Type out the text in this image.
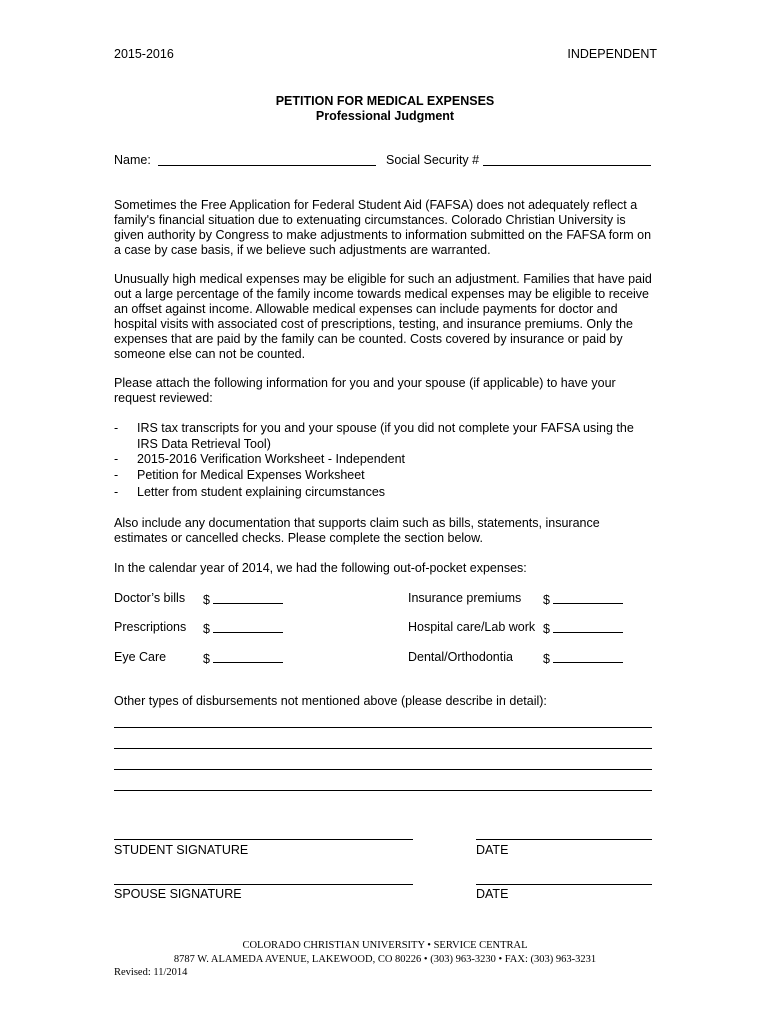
2015-2016	INDEPENDENT
PETITION FOR MEDICAL EXPENSES
Professional Judgment
Name:	Social Security #
Sometimes the Free Application for Federal Student Aid (FAFSA) does not adequately reflect a
family's financial situation due to extenuating circumstances. Colorado Christian University is
given authority by Congress to make adjustments to information submitted on the FAFSA form on
a case by case basis, if we believe such adjustments are warranted.
Unusually high medical expenses may be eligible for such an adjustment. Families that have paid
out a large percentage of the family income towards medical expenses may be eligible to receive
an offset against income. Allowable medical expenses can include payments for doctor and
hospital visits with associated cost of prescriptions, testing, and insurance premiums. Only the
expenses that are paid by the family can be counted. Costs covered by insurance or paid by
someone else can not be counted.
Please attach the following information for you and your spouse (if applicable) to have your
request reviewed:
- IRS tax transcripts for you and your spouse (if you did not complete your FAFSA using the
IRS Data Retrieval Tool)
- 2015-2016 Verification Worksheet - Independent
- Petition for Medical Expenses Worksheet
- Letter from student explaining circumstances
Also include any documentation that supports claim such as bills, statements, insurance
estimates or cancelled checks. Please complete the section below.
In the calendar year of 2014, we had the following out-of-pocket expenses:
Doctor’s bills $	Insurance premiums $
Prescriptions $	Hospital care/Lab work $
Eye Care	$	Dental/Orthodontia $
Other types of disbursements not mentioned above (please describe in detail):
STUDENT SIGNATURE	DATE
SPOUSE SIGNATURE	DATE
COLORADO CHRISTIAN UNIVERSITY • SERVICE CENTRAL
8787 W. ALAMEDA AVENUE, LAKEWOOD, CO 80226 • (303) 963-3230 • FAX: (303) 963-3231
Revised: 11/2014
